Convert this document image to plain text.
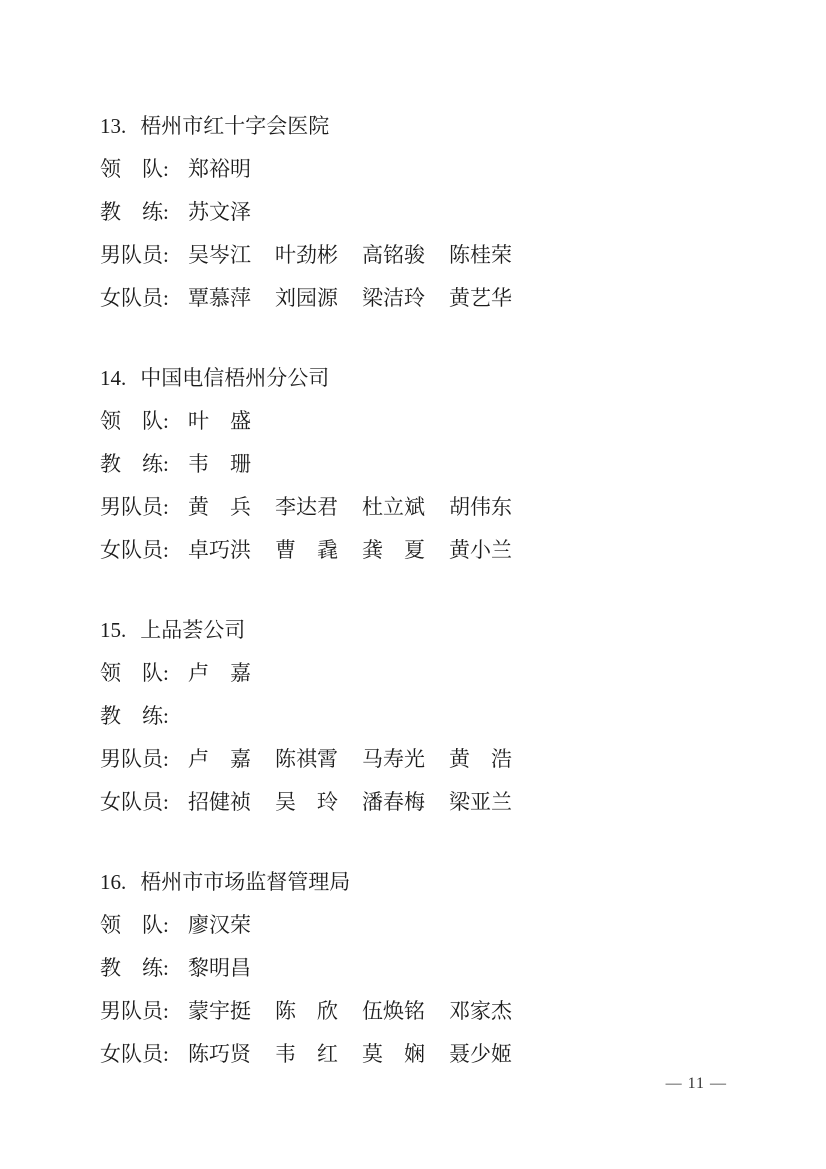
13. 梧州市红十字会医院
领　队: 郑裕明
教　练: 苏文泽
男队员: 吴岑江 叶劲彬 高铭骏 陈桂荣
女队员: 覃慕萍 刘园源 梁洁玲 黄艺华
14. 中国电信梧州分公司
领　队: 叶　盛
教　练: 韦　珊
男队员: 黄　兵 李达君 杜立斌 胡伟东
女队员: 卓巧洪 曹　毳 龚　夏 黄小兰
15. 上品荟公司
领　队: 卢　嘉
教　练:
男队员: 卢　嘉 陈祺霄 马寿光 黄　浩
女队员: 招健祯 吴　玲 潘春梅 梁亚兰
16. 梧州市市场监督管理局
领　队: 廖汉荣
教　练: 黎明昌
男队员: 蒙宇挺 陈　欣 伍焕铭 邓家杰
女队员: 陈巧贤 韦　红 莫　娴 聂少姬
— 11 —
